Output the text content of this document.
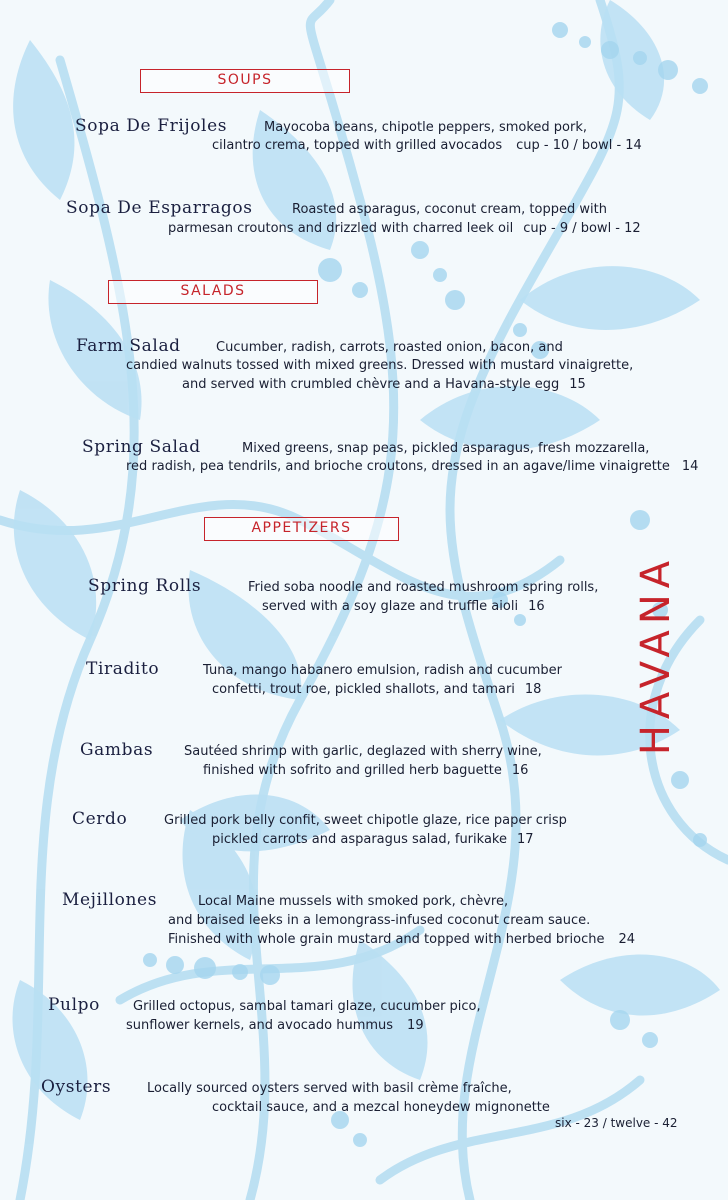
SOUPS
Sopa De Frijoles	Mayocoba beans, chipotle peppers, smoked pork,
cilantro crema, topped with grilled avocados cup - 10 / bowl - 14
Sopa De Esparragos	Roasted asparagus, coconut cream, topped with
parmesan croutons and drizzled with charred leek oil cup - 9 / bowl - 12
SALADS
Farm Salad	Cucumber, radish, carrots, roasted onion, bacon, and
candied walnuts tossed with mixed greens. Dressed with mustard vinaigrette,
and served with crumbled chèvre and a Havana-style egg 15
Spring Salad	Mixed greens, snap peas, pickled asparagus, fresh mozzarella,
red radish, pea tendrils, and brioche croutons, dressed in an agave/lime vinaigrette 14
APPETIZERS
Spring Rolls	Fried soba noodle and roasted mushroom spring rolls,
served with a soy glaze and truffle aioli 16
Tiradito	Tuna, mango habanero emulsion, radish and cucumber
confetti, trout roe, pickled shallots, and tamari 18
Gambas Sautéed shrimp with garlic, deglazed with sherry wine,
finished with sofrito and grilled herb baguette 16
Cerdo	Grilled pork belly confit, sweet chipotle glaze, rice paper crisp
pickled carrots and asparagus salad, furikake 17
Mejillones	Local Maine mussels with smoked pork, chèvre,
and braised leeks in a lemongrass-infused coconut cream sauce.
Finished with whole grain mustard and topped with herbed brioche 24
Pulpo	Grilled octopus, sambal tamari glaze, cucumber pico,
sunflower kernels, and avocado hummus 19
Oysters	Locally sourced oysters served with basil crème fraîche,
cocktail sauce, and a mezcal honeydew mignonette
six - 23 / twelve - 42
HAVANA
